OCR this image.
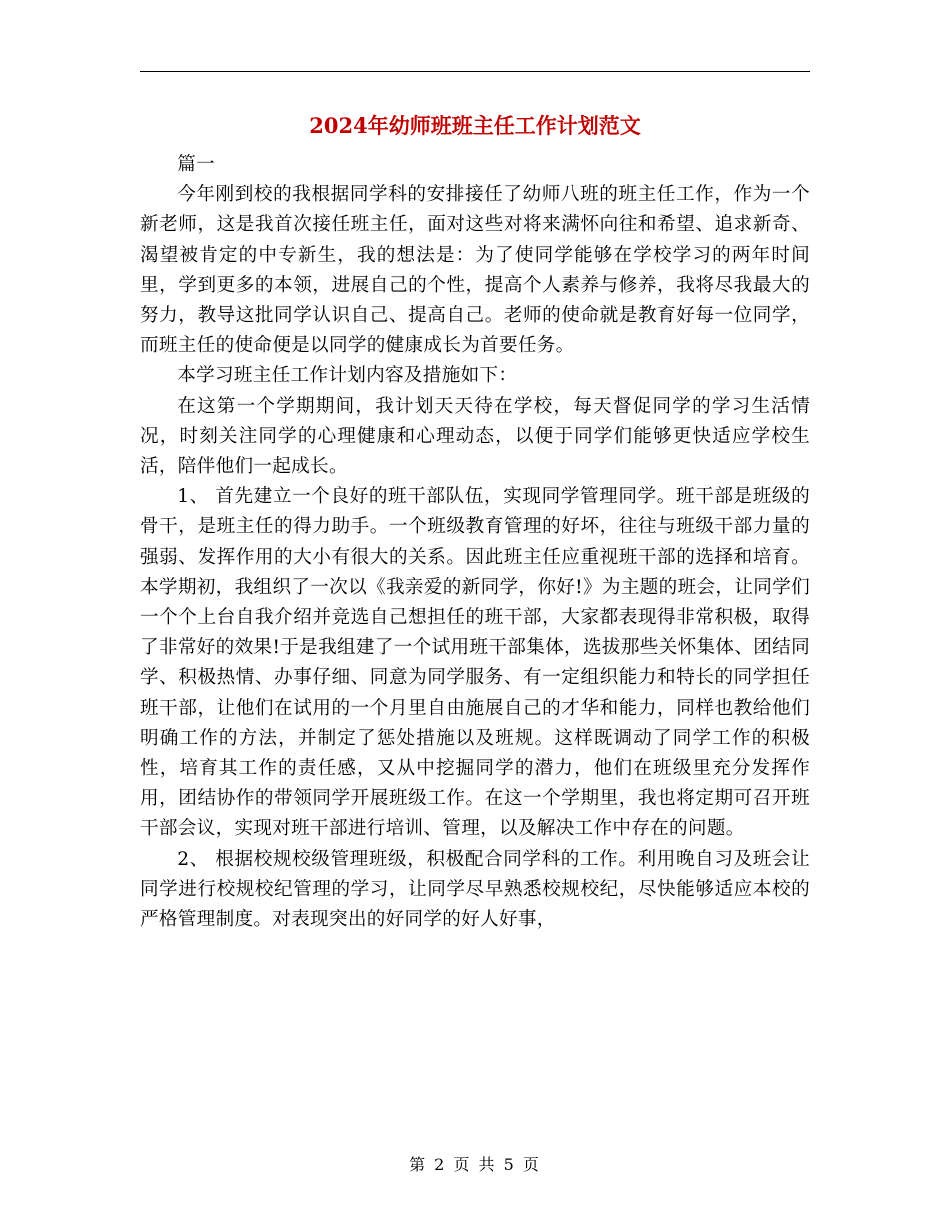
2024年幼师班班主任工作计划范文

篇一

今年刚到校的我根据同学科的安排接任了幼师八班的班主任工作，作为一个新老师，这是我首次接任班主任，面对这些对将来满怀向往和希望、追求新奇、渴望被肯定的中专新生，我的想法是：为了使同学能够在学校学习的两年时间里，学到更多的本领，进展自己的个性，提高个人素养与修养，我将尽我最大的努力，教导这批同学认识自己、提高自己。老师的使命就是教育好每一位同学，而班主任的使命便是以同学的健康成长为首要任务。

本学习班主任工作计划内容及措施如下：

在这第一个学期期间，我计划天天待在学校，每天督促同学的学习生活情况，时刻关注同学的心理健康和心理动态，以便于同学们能够更快适应学校生活，陪伴他们一起成长。

1、 首先建立一个良好的班干部队伍，实现同学管理同学。班干部是班级的骨干，是班主任的得力助手。一个班级教育管理的好坏，往往与班级干部力量的强弱、发挥作用的大小有很大的关系。因此班主任应重视班干部的选择和培育。本学期初，我组织了一次以《我亲爱的新同学，你好!》为主题的班会，让同学们一个个上台自我介绍并竞选自己想担任的班干部，大家都表现得非常积极，取得了非常好的效果!于是我组建了一个试用班干部集体，选拔那些关怀集体、团结同学、积极热情、办事仔细、同意为同学服务、有一定组织能力和特长的同学担任班干部，让他们在试用的一个月里自由施展自己的才华和能力，同样也教给他们明确工作的方法，并制定了惩处措施以及班规。这样既调动了同学工作的积极性，培育其工作的责任感，又从中挖掘同学的潜力，他们在班级里充分发挥作用，团结协作的带领同学开展班级工作。在这一个学期里，我也将定期可召开班干部会议，实现对班干部进行培训、管理，以及解决工作中存在的问题。

2、 根据校规校级管理班级，积极配合同学科的工作。利用晚自习及班会让同学进行校规校纪管理的学习，让同学尽早熟悉校规校纪，尽快能够适应本校的严格管理制度。对表现突出的好同学的好人好事，

第 2 页 共 5 页
